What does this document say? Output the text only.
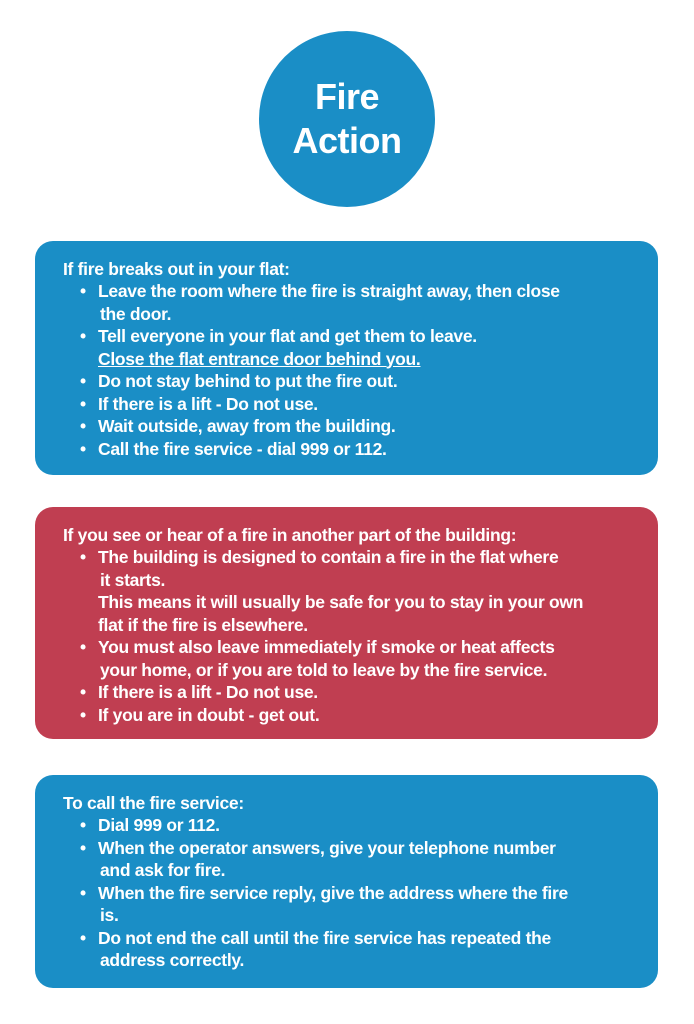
Fire
Action
If fire breaks out in your flat:
• Leave the room where the fire is straight away, then close
the door.
• Tell everyone in your flat and get them to leave.
Close the flat entrance door behind you.
• Do not stay behind to put the fire out.
• If there is a lift - Do not use.
• Wait outside, away from the building.
• Call the fire service - dial 999 or 112.
If you see or hear of a fire in another part of the building:
• The building is designed to contain a fire in the flat where
it starts.
This means it will usually be safe for you to stay in your own
flat if the fire is elsewhere.
• You must also leave immediately if smoke or heat affects
your home, or if you are told to leave by the fire service.
• If there is a lift - Do not use.
• If you are in doubt - get out.
To call the fire service:
• Dial 999 or 112.
• When the operator answers, give your telephone number
and ask for fire.
• When the fire service reply, give the address where the fire
is.
• Do not end the call until the fire service has repeated the
address correctly.
